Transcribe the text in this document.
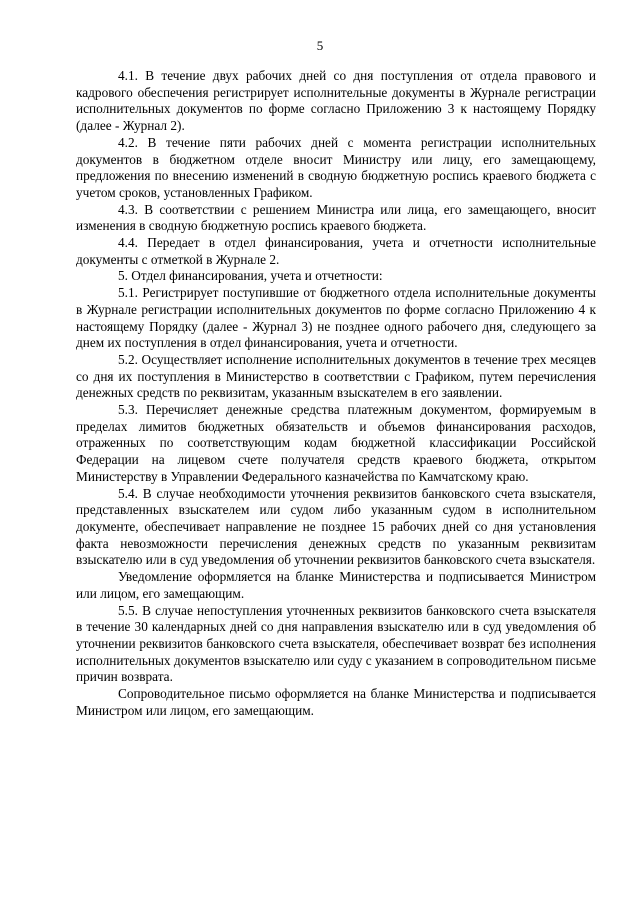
5

4.1. В течение двух рабочих дней со дня поступления от отдела правового и кадрового обеспечения регистрирует исполнительные документы в Журнале регистрации исполнительных документов по форме согласно Приложению 3 к настоящему Порядку (далее - Журнал 2).

4.2. В течение пяти рабочих дней с момента регистрации исполнительных документов в бюджетном отделе вносит Министру или лицу, его замещающему, предложения по внесению изменений в сводную бюджетную роспись краевого бюджета с учетом сроков, установленных Графиком.

4.3. В соответствии с решением Министра или лица, его замещающего, вносит изменения в сводную бюджетную роспись краевого бюджета.

4.4. Передает в отдел финансирования, учета и отчетности исполнительные документы с отметкой в Журнале 2.

5. Отдел финансирования, учета и отчетности:

5.1. Регистрирует поступившие от бюджетного отдела исполнительные документы в Журнале регистрации исполнительных документов по форме согласно Приложению 4 к настоящему Порядку (далее - Журнал 3) не позднее одного рабочего дня, следующего за днем их поступления в отдел финансирования, учета и отчетности.

5.2. Осуществляет исполнение исполнительных документов в течение трех месяцев со дня их поступления в Министерство в соответствии с Графиком, путем перечисления денежных средств по реквизитам, указанным взыскателем в его заявлении.

5.3. Перечисляет денежные средства платежным документом, формируемым в пределах лимитов бюджетных обязательств и объемов финансирования расходов, отраженных по соответствующим кодам бюджетной классификации Российской Федерации на лицевом счете получателя средств краевого бюджета, открытом Министерству в Управлении Федерального казначейства по Камчатскому краю.

5.4. В случае необходимости уточнения реквизитов банковского счета взыскателя, представленных взыскателем или судом либо указанным судом в исполнительном документе, обеспечивает направление не позднее 15 рабочих дней со дня установления факта невозможности перечисления денежных средств по указанным реквизитам взыскателю или в суд уведомления об уточнении реквизитов банковского счета взыскателя.

Уведомление оформляется на бланке Министерства и подписывается Министром или лицом, его замещающим.

5.5. В случае непоступления уточненных реквизитов банковского счета взыскателя в течение 30 календарных дней со дня направления взыскателю или в суд уведомления об уточнении реквизитов банковского счета взыскателя, обеспечивает возврат без исполнения исполнительных документов взыскателю или суду с указанием в сопроводительном письме причин возврата.

Сопроводительное письмо оформляется на бланке Министерства и подписывается Министром или лицом, его замещающим.
